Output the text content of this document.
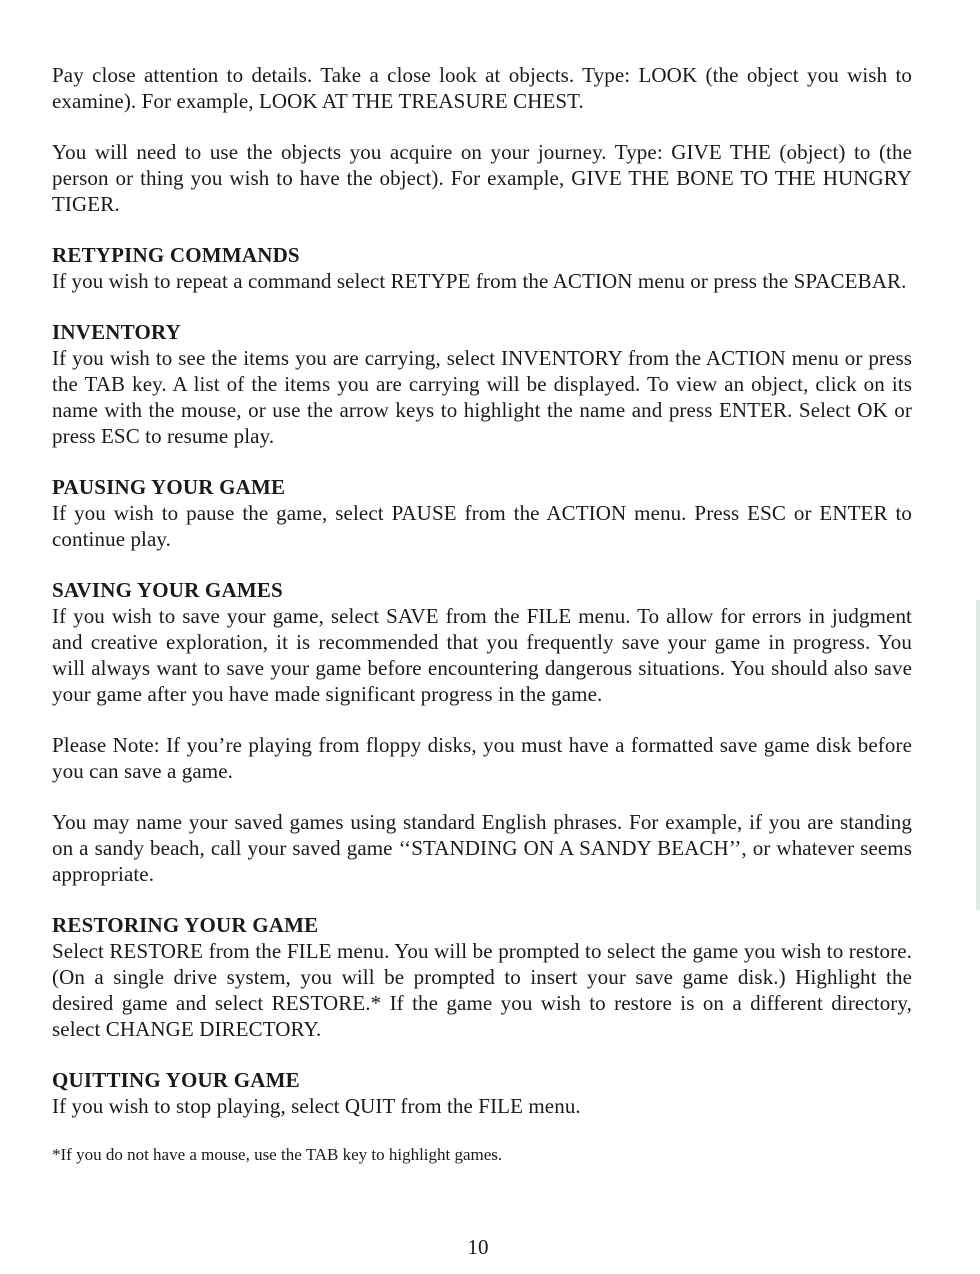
Pay close attention to details. Take a close look at objects. Type: LOOK (the object you wish to examine). For example, LOOK AT THE TREASURE CHEST.

You will need to use the objects you acquire on your journey. Type: GIVE THE (object) to (the person or thing you wish to have the object). For example, GIVE THE BONE TO THE HUNGRY TIGER.

RETYPING COMMANDS

If you wish to repeat a command select RETYPE from the ACTION menu or press the SPACEBAR.

INVENTORY

If you wish to see the items you are carrying, select INVENTORY from the ACTION menu or press the TAB key. A list of the items you are carrying will be displayed. To view an object, click on its name with the mouse, or use the arrow keys to highlight the name and press ENTER. Select OK or press ESC to resume play.

PAUSING YOUR GAME

If you wish to pause the game, select PAUSE from the ACTION menu. Press ESC or ENTER to continue play.

SAVING YOUR GAMES

If you wish to save your game, select SAVE from the FILE menu. To allow for errors in judgment and creative exploration, it is recommended that you frequently save your game in progress. You will always want to save your game before encountering dangerous situations. You should also save your game after you have made significant progress in the game.

Please Note: If you’re playing from floppy disks, you must have a formatted save game disk before you can save a game.

You may name your saved games using standard English phrases. For example, if you are standing on a sandy beach, call your saved game ‘‘STANDING ON A SANDY BEACH’’, or whatever seems appropriate.

RESTORING YOUR GAME

Select RESTORE from the FILE menu. You will be prompted to select the game you wish to restore. (On a single drive system, you will be prompted to insert your save game disk.) Highlight the desired game and select RESTORE.* If the game you wish to restore is on a different directory, select CHANGE DIRECTORY.

QUITTING YOUR GAME

If you wish to stop playing, select QUIT from the FILE menu.

*If you do not have a mouse, use the TAB key to highlight games.

10
